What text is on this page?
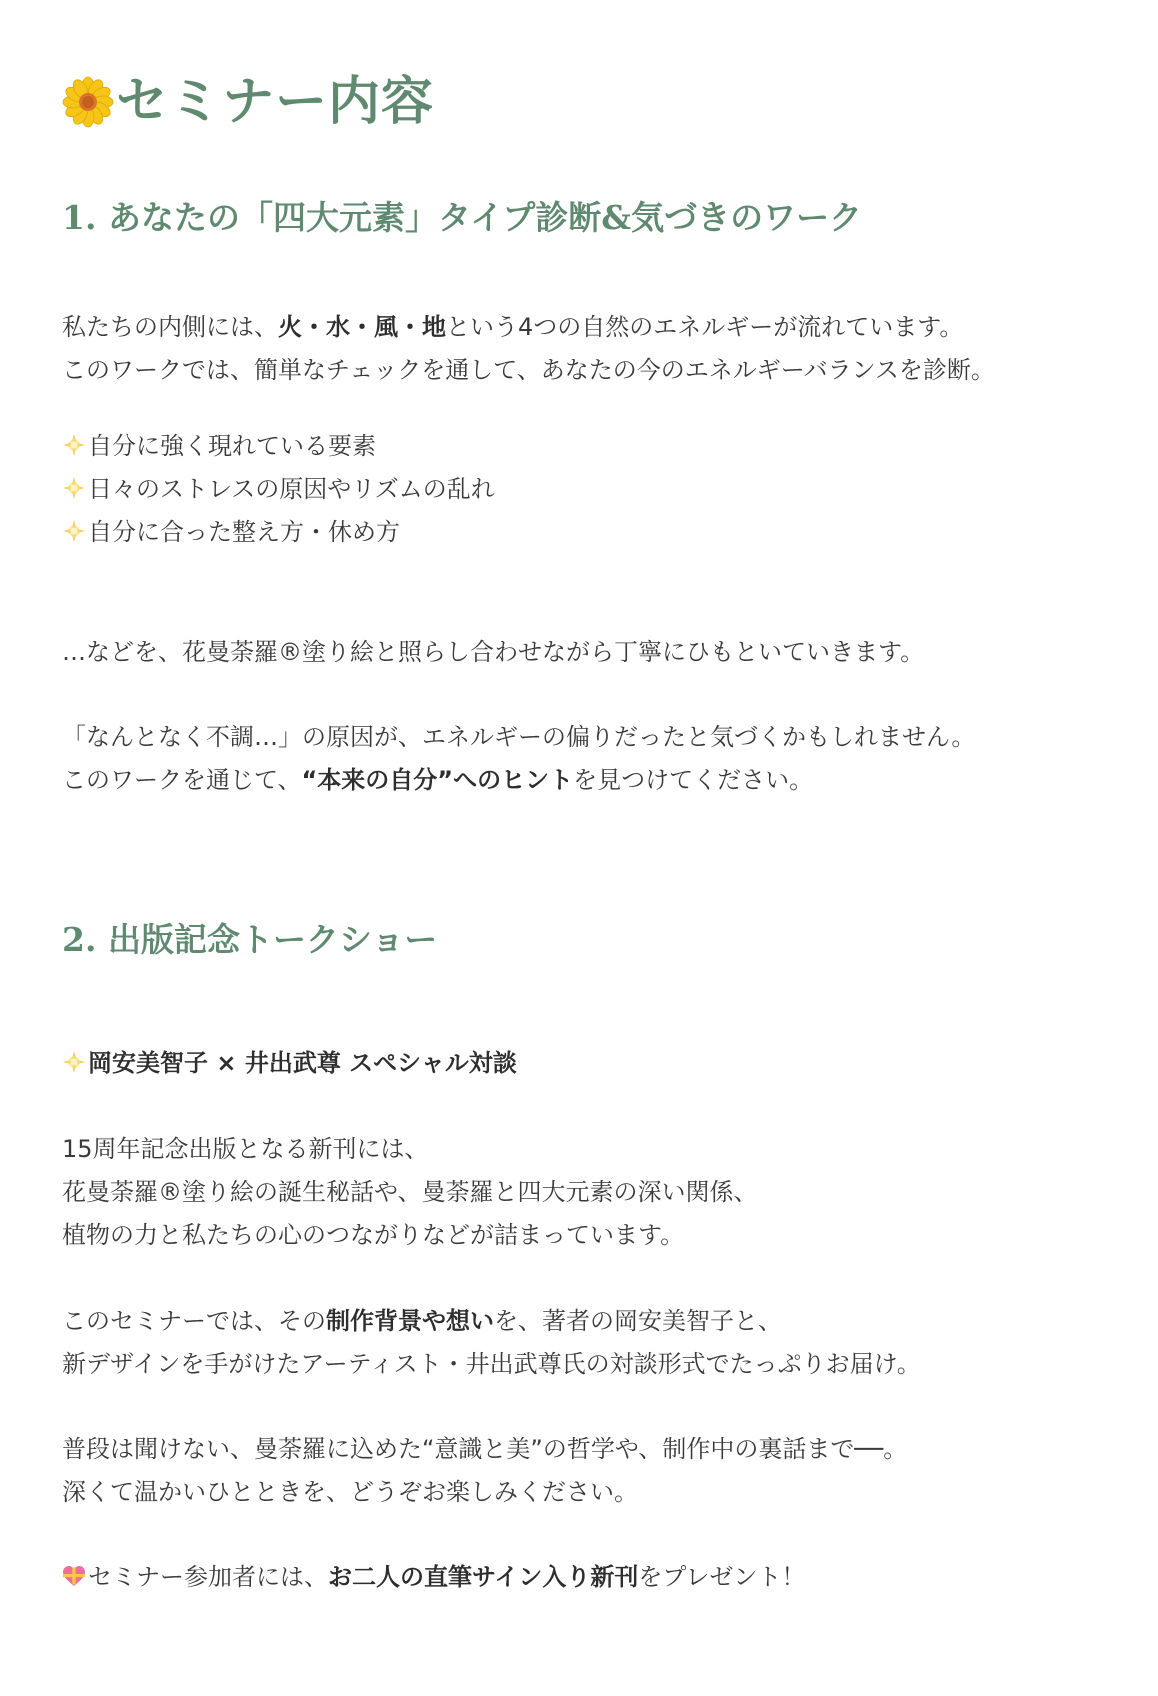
セミナー内容
1. あなたの「四大元素」タイプ診断&気づきのワーク

私たちの内側には、火・水・風・地という4つの自然のエネルギーが流れています。
このワークでは、簡単なチェックを通して、あなたの今のエネルギーバランスを診断。

自分に強く現れている要素
日々のストレスの原因やリズムの乱れ
自分に合った整え方・休め方

…などを、花曼荼羅®塗り絵と照らし合わせながら丁寧にひもといていきます。

「なんとなく不調…」の原因が、エネルギーの偏りだったと気づくかもしれません。
このワークを通じて、“本来の自分”へのヒントを見つけてください。

2. 出版記念トークショー

岡安美智子 × 井出武尊 スペシャル対談

15周年記念出版となる新刊には、
花曼荼羅®塗り絵の誕生秘話や、曼荼羅と四大元素の深い関係、
植物の力と私たちの心のつながりなどが詰まっています。

このセミナーでは、その制作背景や想いを、著者の岡安美智子と、
新デザインを手がけたアーティスト・井出武尊氏の対談形式でたっぷりお届け。

普段は聞けない、曼荼羅に込めた“意識と美”の哲学や、制作中の裏話まで──。
深くて温かいひとときを、どうぞお楽しみください。

セミナー参加者には、お二人の直筆サイン入り新刊をプレゼント！
